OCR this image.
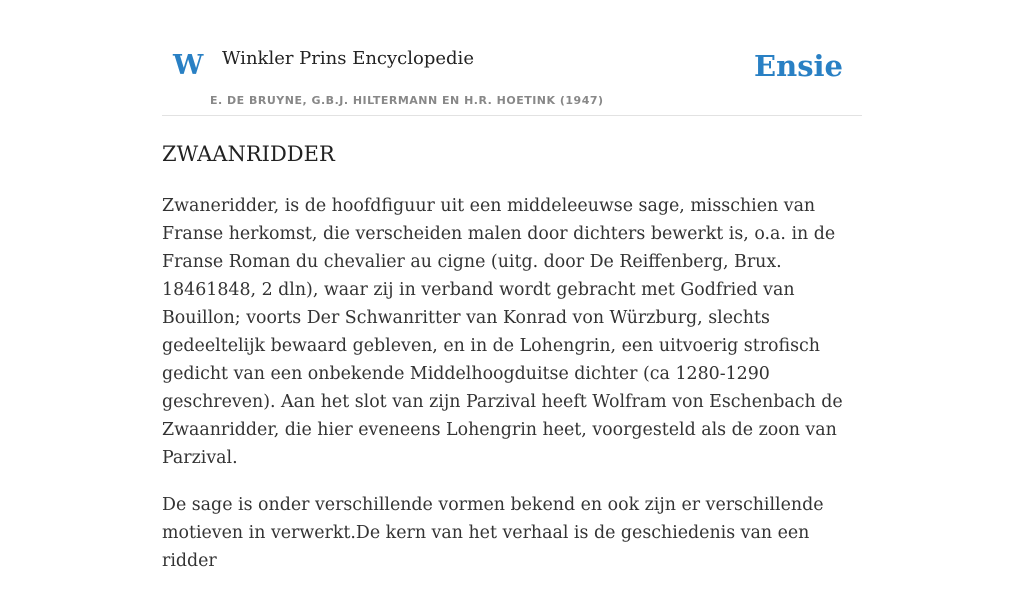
W Winkler Prins Encyclopedie
E. DE BRUYNE, G.B.J. HILTERMANN EN H.R. HOETINK (1947)
Ensie
ZWAANRIDDER

Zwaneridder, is de hoofdfiguur uit een middeleeuwse sage, misschien van Franse herkomst, die verscheiden malen door dichters bewerkt is, o.a. in de Franse Roman du chevalier au cigne (uitg. door De Reiffenberg, Brux. 18461848, 2 dln), waar zij in verband wordt gebracht met Godfried van Bouillon; voorts Der Schwanritter van Konrad von Würzburg, slechts gedeeltelijk bewaard gebleven, en in de Lohengrin, een uitvoerig strofisch gedicht van een onbekende Middelhoogduitse dichter (ca 1280-1290 geschreven). Aan het slot van zijn Parzival heeft Wolfram von Eschenbach de Zwaanridder, die hier eveneens Lohengrin heet, voorgesteld als de zoon van Parzival.

De sage is onder verschillende vormen bekend en ook zijn er verschillende motieven in verwerkt.De kern van het verhaal is de geschiedenis van een ridder
